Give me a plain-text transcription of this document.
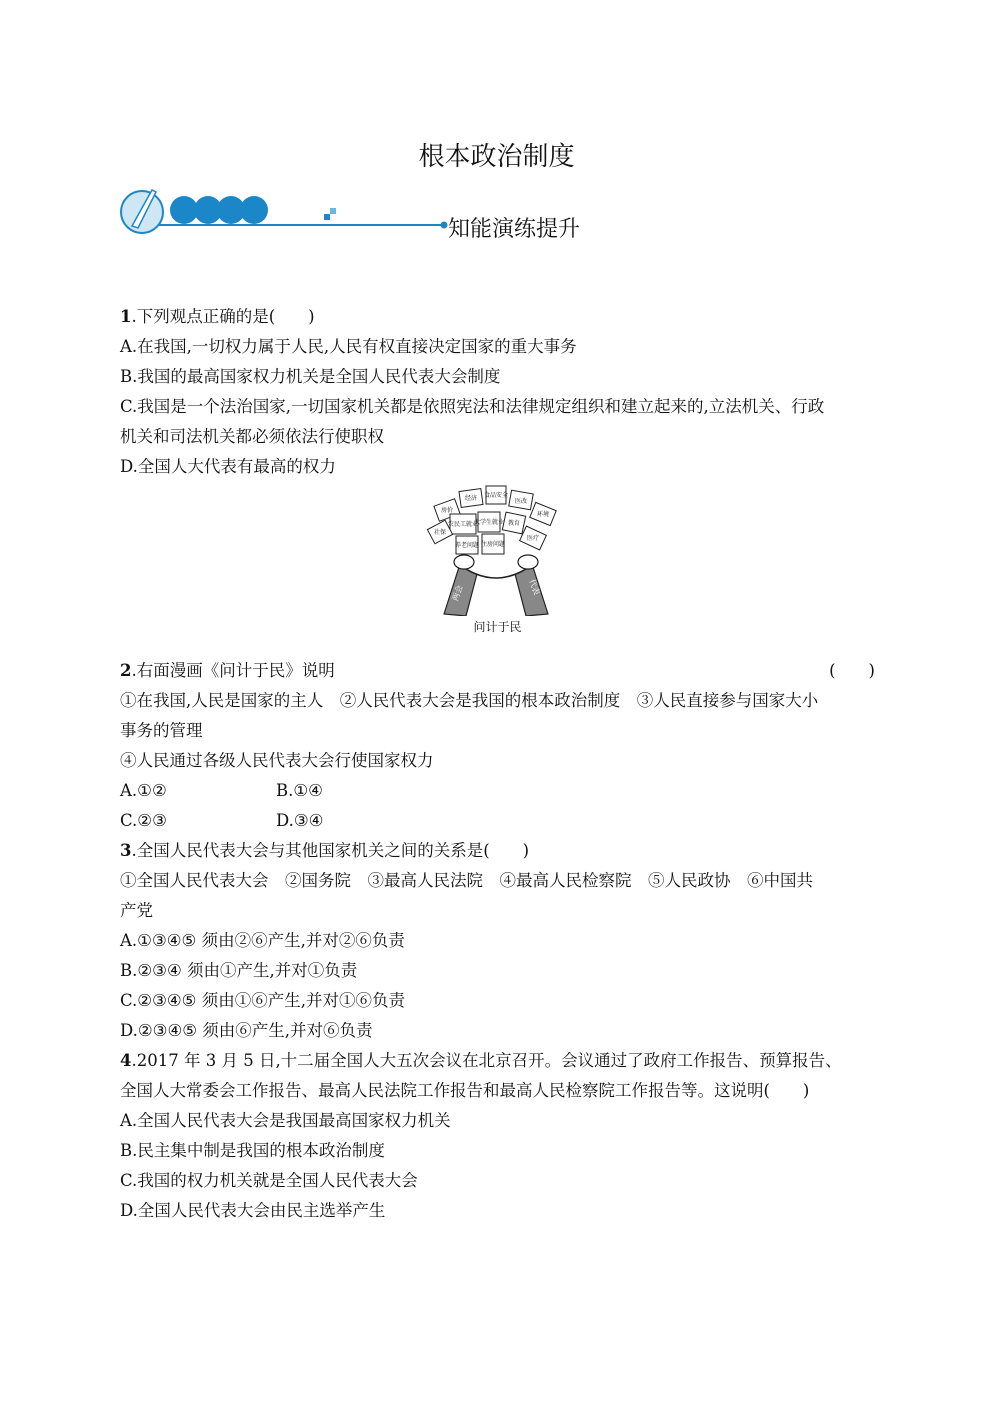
根本政治制度
知能演练提升
1.下列观点正确的是(　　)
A.在我国,一切权力属于人民,人民有权直接决定国家的重大事务
B.我国的最高国家权力机关是全国人民代表大会制度
C.我国是一个法治国家,一切国家机关都是依照宪法和法律规定组织和建立起来的,立法机关、行政
机关和司法机关都必须依法行使职权
D.全国人大代表有最高的权力
经济 食品安全
医改
环境
房价
农民工就业
大学生就业 教育
社保
养老问题 住房问题
医疗
两会	代表
问计于民
2.右面漫画《问计于民》说明	(　　)
①在我国,人民是国家的主人　②人民代表大会是我国的根本政治制度　③人民直接参与国家大小
事务的管理
④人民通过各级人民代表大会行使国家权力
A.①②	B.①④
C.②③	D.③④
3.全国人民代表大会与其他国家机关之间的关系是(　　)
①全国人民代表大会　②国务院　③最高人民法院　④最高人民检察院　⑤人民政协　⑥中国共
产党
A.①③④⑤ 须由②⑥产生,并对②⑥负责
B.②③④ 须由①产生,并对①负责
C.②③④⑤ 须由①⑥产生,并对①⑥负责
D.②③④⑤ 须由⑥产生,并对⑥负责
4.2017 年 3 月 5 日,十二届全国人大五次会议在北京召开。会议通过了政府工作报告、预算报告、
全国人大常委会工作报告、最高人民法院工作报告和最高人民检察院工作报告等。这说明(　　)
A.全国人民代表大会是我国最高国家权力机关
B.民主集中制是我国的根本政治制度
C.我国的权力机关就是全国人民代表大会
D.全国人民代表大会由民主选举产生
